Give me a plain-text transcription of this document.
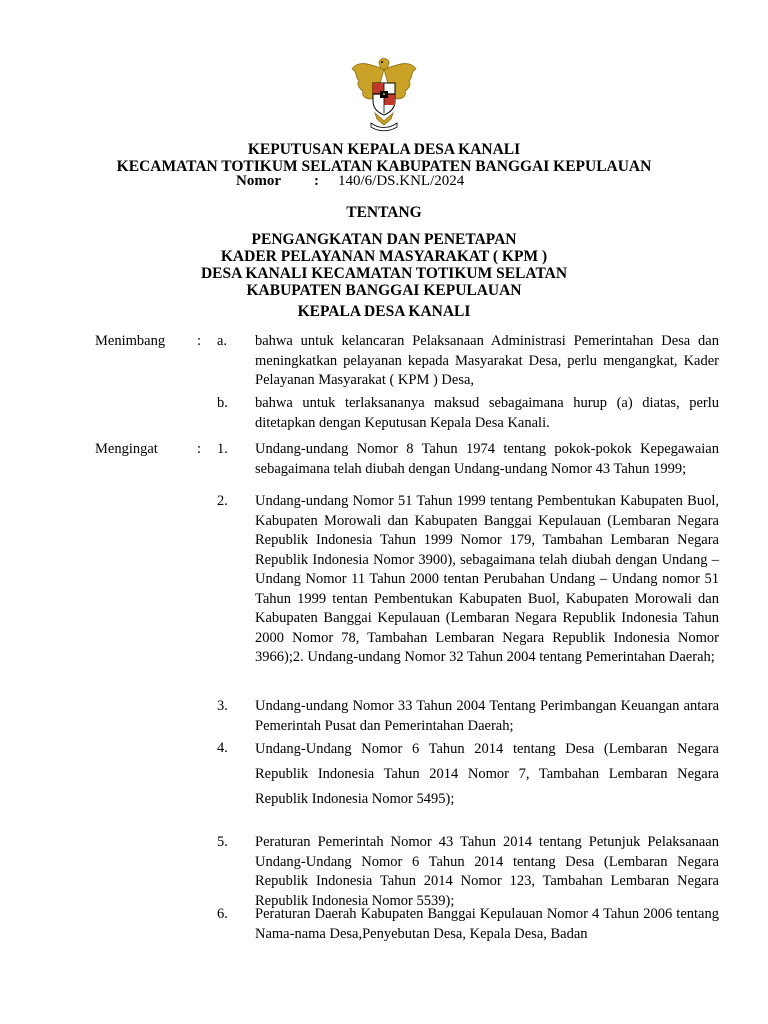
KEPUTUSAN KEPALA DESA KANALI
KECAMATAN TOTIKUM SELATAN KABUPATEN BANGGAI KEPULAUAN
Nomor : 140/6/DS.KNL/2024
TENTANG
PENGANGKATAN DAN PENETAPAN
KADER PELAYANAN MASYARAKAT ( KPM )
DESA KANALI KECAMATAN TOTIKUM SELATAN
KABUPATEN BANGGAI KEPULAUAN
KEPALA DESA KANALI
Menimbang : a. bahwa untuk kelancaran Pelaksanaan Administrasi Pemerintahan Desa dan meningkatkan pelayanan kepada Masyarakat Desa, perlu mengangkat, Kader Pelayanan Masyarakat ( KPM ) Desa,
b. bahwa untuk terlaksananya maksud sebagaimana hurup (a) diatas, perlu ditetapkan dengan Keputusan Kepala Desa Kanali.
Mengingat	: 1. Undang-undang Nomor 8 Tahun 1974 tentang pokok-pokok Kepegawaian sebagaimana telah diubah dengan Undang-undang Nomor 43 Tahun 1999;
2. Undang-undang Nomor 51 Tahun 1999 tentang Pembentukan Kabupaten Buol, Kabupaten Morowali dan Kabupaten Banggai Kepulauan (Lembaran Negara Republik Indonesia Tahun 1999 Nomor 179, Tambahan Lembaran Negara Republik Indonesia Nomor 3900), sebagaimana telah diubah dengan Undang – Undang Nomor 11 Tahun 2000 tentan Perubahan Undang – Undang nomor 51 Tahun 1999 tentan Pembentukan Kabupaten Buol, Kabupaten Morowali dan Kabupaten Banggai Kepulauan (Lembaran Negara Republik Indonesia Tahun 2000 Nomor 78, Tambahan Lembaran Negara Republik Indonesia Nomor 3966);2. Undang-undang Nomor 32 Tahun 2004 tentang Pemerintahan Daerah;
3. Undang-undang Nomor 33 Tahun 2004 Tentang Perimbangan Keuangan antara Pemerintah Pusat dan Pemerintahan Daerah;
4. Undang-Undang Nomor 6 Tahun 2014 tentang Desa (Lembaran Negara Republik Indonesia Tahun 2014 Nomor 7, Tambahan Lembaran Negara Republik Indonesia Nomor 5495);
5. Peraturan Pemerintah Nomor 43 Tahun 2014 tentang Petunjuk Pelaksanaan Undang-Undang Nomor 6 Tahun 2014 tentang Desa (Lembaran Negara Republik Indonesia Tahun 2014 Nomor 123, Tambahan Lembaran Negara Republik Indonesia Nomor 5539);
6. Peraturan Daerah Kabupaten Banggai Kepulauan Nomor 4 Tahun 2006 tentang Nama-nama Desa,Penyebutan Desa, Kepala Desa, Badan
